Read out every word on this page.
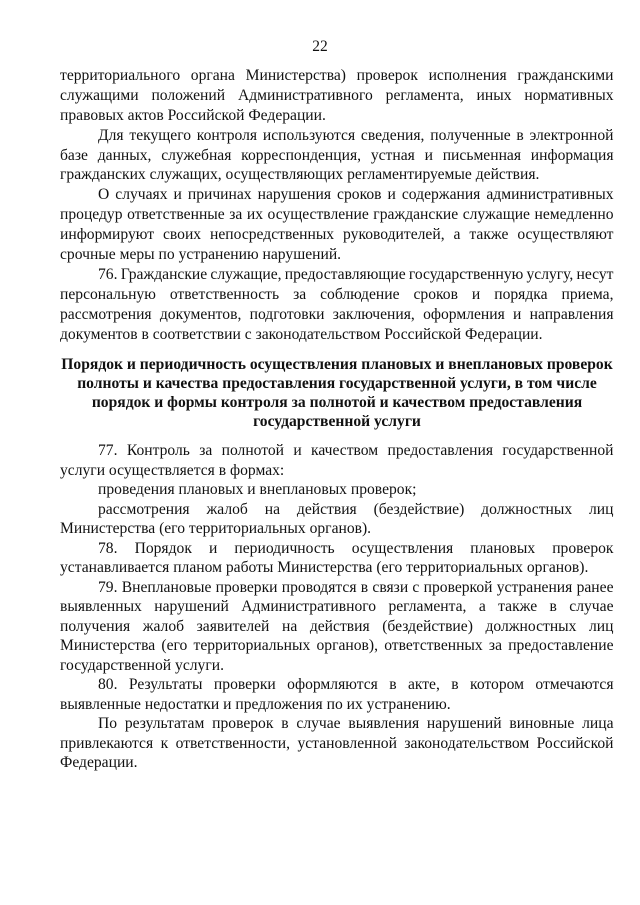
22
территориального органа Министерства) проверок исполнения гражданскими
служащими положений Административного регламента, иных нормативных
правовых актов Российской Федерации.
Для текущего контроля используются сведения, полученные в электронной
базе данных, служебная корреспонденция, устная и письменная информация
гражданских служащих, осуществляющих регламентируемые действия.
О случаях и причинах нарушения сроков и содержания административных
процедур ответственные за их осуществление гражданские служащие немедленно
информируют своих непосредственных руководителей, а также осуществляют
срочные меры по устранению нарушений.
76. Гражданские служащие, предоставляющие государственную услугу, несут
персональную ответственность за соблюдение сроков и порядка приема,
рассмотрения документов, подготовки заключения, оформления и направления
документов в соответствии с законодательством Российской Федерации.
Порядок и периодичность осуществления плановых и внеплановых проверок
полноты и качества предоставления государственной услуги, в том числе
порядок и формы контроля за полнотой и качеством предоставления
государственной услуги
77. Контроль за полнотой и качеством предоставления государственной
услуги осуществляется в формах:
проведения плановых и внеплановых проверок;
рассмотрения жалоб на действия (бездействие) должностных лиц
Министерства (его территориальных органов).
78. Порядок и периодичность осуществления плановых проверок
устанавливается планом работы Министерства (его территориальных органов).
79. Внеплановые проверки проводятся в связи с проверкой устранения ранее
выявленных нарушений Административного регламента, а также в случае
получения жалоб заявителей на действия (бездействие) должностных лиц
Министерства (его территориальных органов), ответственных за предоставление
государственной услуги.
80. Результаты проверки оформляются в акте, в котором отмечаются
выявленные недостатки и предложения по их устранению.
По результатам проверок в случае выявления нарушений виновные лица
привлекаются к ответственности, установленной законодательством Российской
Федерации.
